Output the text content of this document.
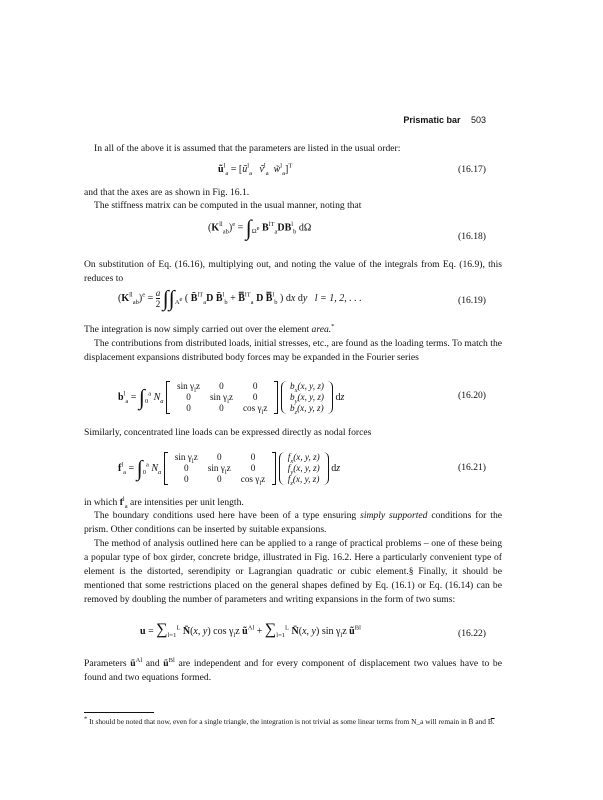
Prismatic bar 503
In all of the above it is assumed that the parameters are listed in the usual order:
$ũ^l_a$ = [$ũ^l_a$ ṽ$^l_a$ w̃$^l_a$]$^T$	(16.17)
and that the axes are as shown in Fig. 16.1.
The stiffness matrix can be computed in the usual manner, noting that
$(K^{ll}_{ab})^e = \int_{\Omega^e}$ $B^{lT}_aDB^l_b$ dΩ
(16.18)
On substitution of Eq. (16.16), multiplying out, and noting the value of the integrals from Eq. (16.9), this reduces to
$(K^{ll}_{ab})^e = \frac{a}{2} \int\int_{A^e}$ ( B̄$^{lT}_a$D B̄$^l_b$ + B̿$^{lT}_a$ D B̿$^l_b$ ) dx dy l = 1, 2, . . .	(16.19)
The integration is now simply carried out over the element area.*
The contributions from distributed loads, initial stresses, etc., are found as the loading terms. To match the displacement expansions distributed body forces may be expanded in the Fourier series
$b^l_a = \int_0^a$ $N_a$
$\sin \gamma_lz$	0	0
0	$\sin \gamma_lz$	0
0	0	$\cos \gamma_lz$

$b_x(x$, y, z)
$b_y(x$, y, z)
$b_z(x$, y, z)
dz	(16.20)
Similarly, concentrated line loads can be expressed directly as nodal forces
$f^l_a = \int_0^a$ $N_a$
$\sin \gamma_lz$	0	0
0	$\sin \gamma_lz$	0
0	0	$\cos \gamma_lz$

$f_x(x$, y, z)
$f_y(x$, y, z)
$f_z(x$, y, z)
dz	(16.21)
in which $f^l_a$ are intensities per unit length.
The boundary conditions used here have been of a type ensuring simply supported conditions for the prism. Other conditions can be inserted by suitable expansions.
The method of analysis outlined here can be applied to a range of practical problems – one of these being a popular type of box girder, concrete bridge, illustrated in Fig. 16.2. Here a particularly convenient type of element is the distorted, serendipity or Lagrangian quadratic or cubic element.§ Finally, it should be mentioned that some restrictions placed on the general shapes defined by Eq. (16.1) or Eq. (16.14) can be removed by doubling the number of parameters and writing expansions in the form of two sums:
$u = \sum_{l=1}^L$ N̄(x, y) $\cos \gamma_lz$ $ũ^{Al} + \sum_{l=1}^L$ N̄(x, y) $\sin \gamma_lz$ $ũ^{Bl}$	(16.22)
Parameters $ũ^{Al}$ and $ũ^{Bl}$ are independent and for every component of displacement two values have to be found and two equations formed.
* It should be noted that now, even for a single triangle, the integration is not trivial as some linear terms from N_a will remain in B̄ and B̿.
